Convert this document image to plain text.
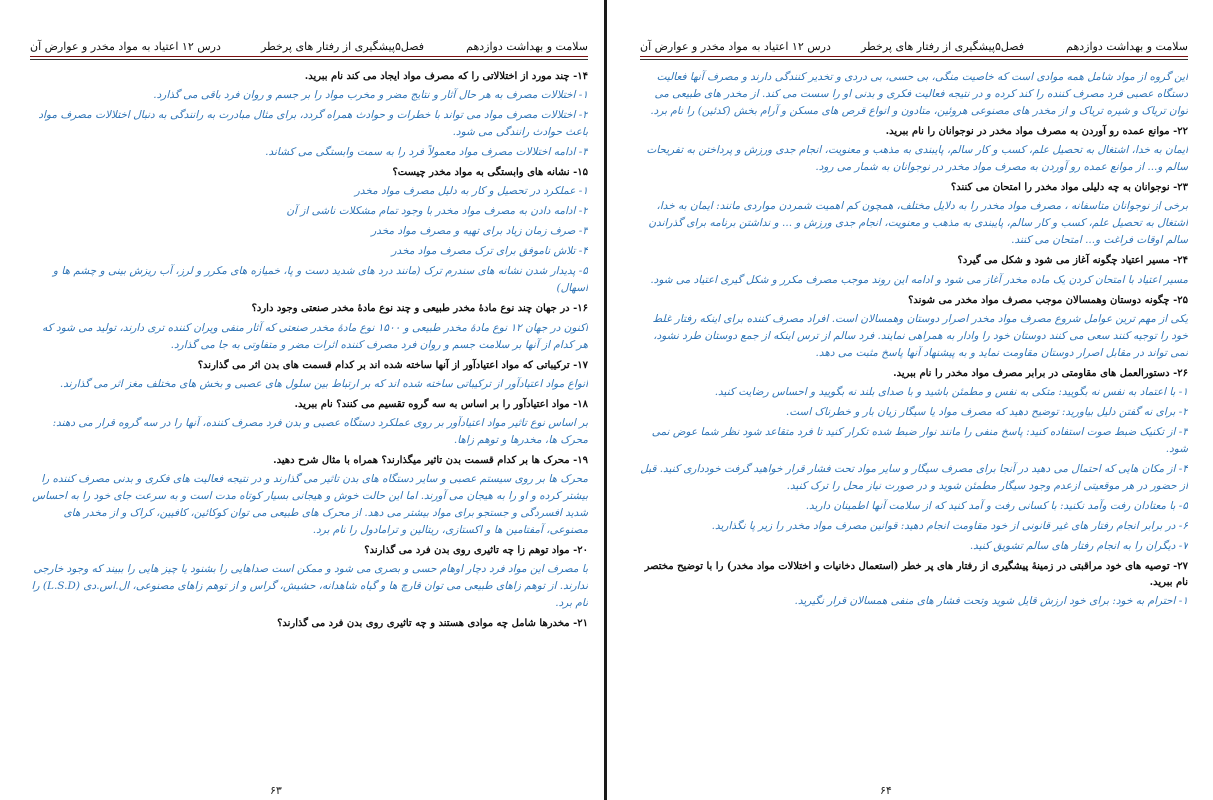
سلامت و بهداشت دوازدهم
فصل۵پیشگیری از رفتار های پرخطر
درس ۱۲ اعتیاد به مواد مخدر و عوارض آن
۱۴- چند مورد از اختلالاتی را که مصرف مواد ایجاد می کند نام ببرید.
۱- اختلالات مصرف به هر حال آثار و نتایج مضر و مخرب مواد را بر جسم و روان فرد باقی می گذارد.
۲- اختلالات مصرف مواد می تواند با خطرات و حوادث همراه گردد، برای مثال مبادرت به رانندگی به دنبال اختلالات مصرف مواد باعث حوادث رانندگی می شود.
۳- ادامه اختلالات مصرف مواد معمولاً فرد را به سمت وابستگی می کشاند.
۱۵- نشانه های وابستگی به مواد مخدر چیست؟
۱- عملکرد در تحصیل و کار به دلیل مصرف مواد مخدر
۲- ادامه دادن به مصرف مواد مخدر با وجود تمام مشکلات ناشی از آن
۳- صرف زمان زیاد برای تهیه و مصرف مواد مخدر
۴- تلاش ناموفق برای ترک مصرف مواد مخدر
۵- پدیدار شدن نشانه های سندرم ترک (مانند درد های شدید دست و پا، خمیازه های مکرر و لرز، آب ریزش بینی و چشم ها و اسهال)
۱۶- در جهان چند نوع مادهٔ مخدر طبیعی و چند نوع مادهٔ مخدر صنعتی وجود دارد؟
اکنون در جهان ۱۲ نوع مادهٔ مخدر طبیعی و ۱۵۰۰ نوع مادهٔ مخدر صنعتی که آثار منفی ویران کننده تری دارند، تولید می شود که هر کدام از آنها بر سلامت جسم و روان فرد مصرف کننده اثرات مضر و متفاوتی به جا می گذارد.
۱۷- ترکیباتی که مواد اعتیادآور از آنها ساخته شده اند بر کدام قسمت های بدن اثر می گذارند؟
انواع مواد اعتیادآور از ترکیباتی ساخته شده اند که بر ارتباط بین سلول های عصبی و بخش های مختلف مغز اثر می گذارند.
۱۸- مواد اعتیادآور را بر اساس به سه گروه تقسیم می کنند؟ نام ببرید.
بر اساس نوع تاثیر مواد اعتیادآور بر روی عملکرد دستگاه عصبی و بدن فرد مصرف کننده، آنها را در سه گروه قرار می دهند: محرک ها، مخدرها و توهم زاها.
۱۹- محرک ها بر کدام قسمت بدن تاثیر میگذارند؟ همراه با مثال شرح دهید.
محرک ها بر روی سیستم عصبی و سایر دستگاه های بدن تاثیر می گذارند و در نتیجه فعالیت های فکری و بدنی مصرف کننده را بیشتر کرده و او را به هیجان می آورند. اما این حالت خوش و هیجانی بسیار کوتاه مدت است و به سرعت جای خود را به احساس شدید افسردگی و جستجو برای مواد بیشتر می دهد. از محرک های طبیعی می توان کوکائین، کافیین، کراک و از مخدر های مصنوعی، آمفتامین ها و اکستازی، ریتالین و ترامادول را نام برد.
۲۰- مواد توهم زا چه تاثیری روی بدن فرد می گذارند؟
با مصرف این مواد فرد دچار اوهام حسی و بصری می شود و ممکن است صداهایی را بشنود یا چیز هایی را ببیند که وجود خارجی ندارند. از توهم زاهای طبیعی می توان قارچ ها و گیاه شاهدانه، حشیش، گراس و از توهم زاهای مصنوعی، ال.اس.دی (L.S.D) را نام برد.
۲۱- مخدرها شامل چه موادی هستند و چه تاثیری روی بدن فرد می گذارند؟
۶۳
سلامت و بهداشت دوازدهم
فصل۵پیشگیری از رفتار های پرخطر
درس ۱۲ اعتیاد به مواد مخدر و عوارض آن
این گروه از مواد شامل همه موادی است که خاصیت منگی، بی حسی، بی دردی و تخدیر کنندگی دارند و مصرف آنها فعالیت دستگاه عصبی فرد مصرف کننده را کند کرده و در نتیجه فعالیت فکری و بدنی او را سست می کند. از مخدر های طبیعی می توان تریاک و شیره تریاک و از مخدر های مصنوعی هروئین، متادون و انواع قرص های مسکن و آرام بخش (کدئین) را نام برد.
۲۲- موانع عمده رو آوردن به مصرف مواد مخدر در نوجوانان را نام ببرید.
ایمان به خدا، اشتغال به تحصیل علم، کسب و کار سالم، پایبندی به مذهب و معنویت، انجام جدی ورزش و پرداختن به تفریحات سالم و... از موانع عمده رو آوردن به مصرف مواد مخدر در نوجوانان به شمار می رود.
۲۳- نوجوانان به چه دلیلی مواد مخدر را امتحان می کنند؟
برخی از نوجوانان متاسفانه ، مصرف مواد مخدر را به دلایل مختلف، همچون کم اهمیت شمردن مواردی مانند: ایمان به خدا، اشتغال به تحصیل علم، کسب و کار سالم، پایبندی به مذهب و معنویت، انجام جدی ورزش و ... و نداشتن برنامه برای گذراندن سالم اوقات فراغت و... امتحان می کنند.
۲۴- مسیر اعتیاد چگونه آغاز می شود و شکل می گیرد؟
مسیر اعتیاد با امتحان کردن یک ماده مخدر آغاز می شود و ادامه این روند موجب مصرف مکرر و شکل گیری اعتیاد می شود.
۲۵- چگونه دوستان وهمسالان موجب مصرف مواد مخدر می شوند؟
یکی از مهم ترین عوامل شروع مصرف مواد مخدر اصرار دوستان وهمسالان است. افراد مصرف کننده برای اینکه رفتار غلط خود را توجیه کنند سعی می کنند دوستان خود را وادار به همراهی نمایند. فرد سالم از ترس اینکه از جمع دوستان طرد نشود، نمی تواند در مقابل اصرار دوستان مقاومت نماید و به پیشنهاد آنها پاسخ مثبت می دهد.
۲۶- دستورالعمل های مقاومتی در برابر مصرف مواد مخدر را نام ببرید.
۱- با اعتماد به نفس نه بگویید: متکی به نفس و مطمئن باشید و با صدای بلند نه بگویید و احساس رضایت کنید.
۲- برای نه گفتن دلیل بیاورید: توضیح دهید که مصرف مواد یا سیگار زیان بار و خطرناک است.
۳- از تکنیک ضبط صوت استفاده کنید: پاسخ منفی را مانند نوار ضبط شده تکرار کنید تا فرد متقاعد شود نظر شما عوض نمی شود.
۴- از مکان هایی که احتمال می دهید در آنجا برای مصرف سیگار و سایر مواد تحت فشار قرار خواهید گرفت خودداری کنید. قبل از حضور در هر موقعیتی ازعدم وجود سیگار مطمئن شوید و در صورت نیاز محل را ترک کنید.
۵- با معتادان رفت وآمد نکنید: با کسانی رفت و آمد کنید که از سلامت آنها اطمینان دارید.
۶- در برابر انجام رفتار های غیر قانونی از خود مقاومت انجام دهید: قوانین مصرف مواد مخدر را زیر پا نگذارید.
۷- دیگران را به انجام رفتار های سالم تشویق کنید.
۲۷- توصیه های خود مراقبتی در زمینهٔ پیشگیری از رفتار های پر خطر (استعمال دخانیات و اختلالات مواد مخدر) را با توضیح مختصر نام ببرید.
۱- احترام به خود: برای خود ارزش قایل شوید وتحت فشار های منفی همسالان قرار نگیرید.
۶۴
